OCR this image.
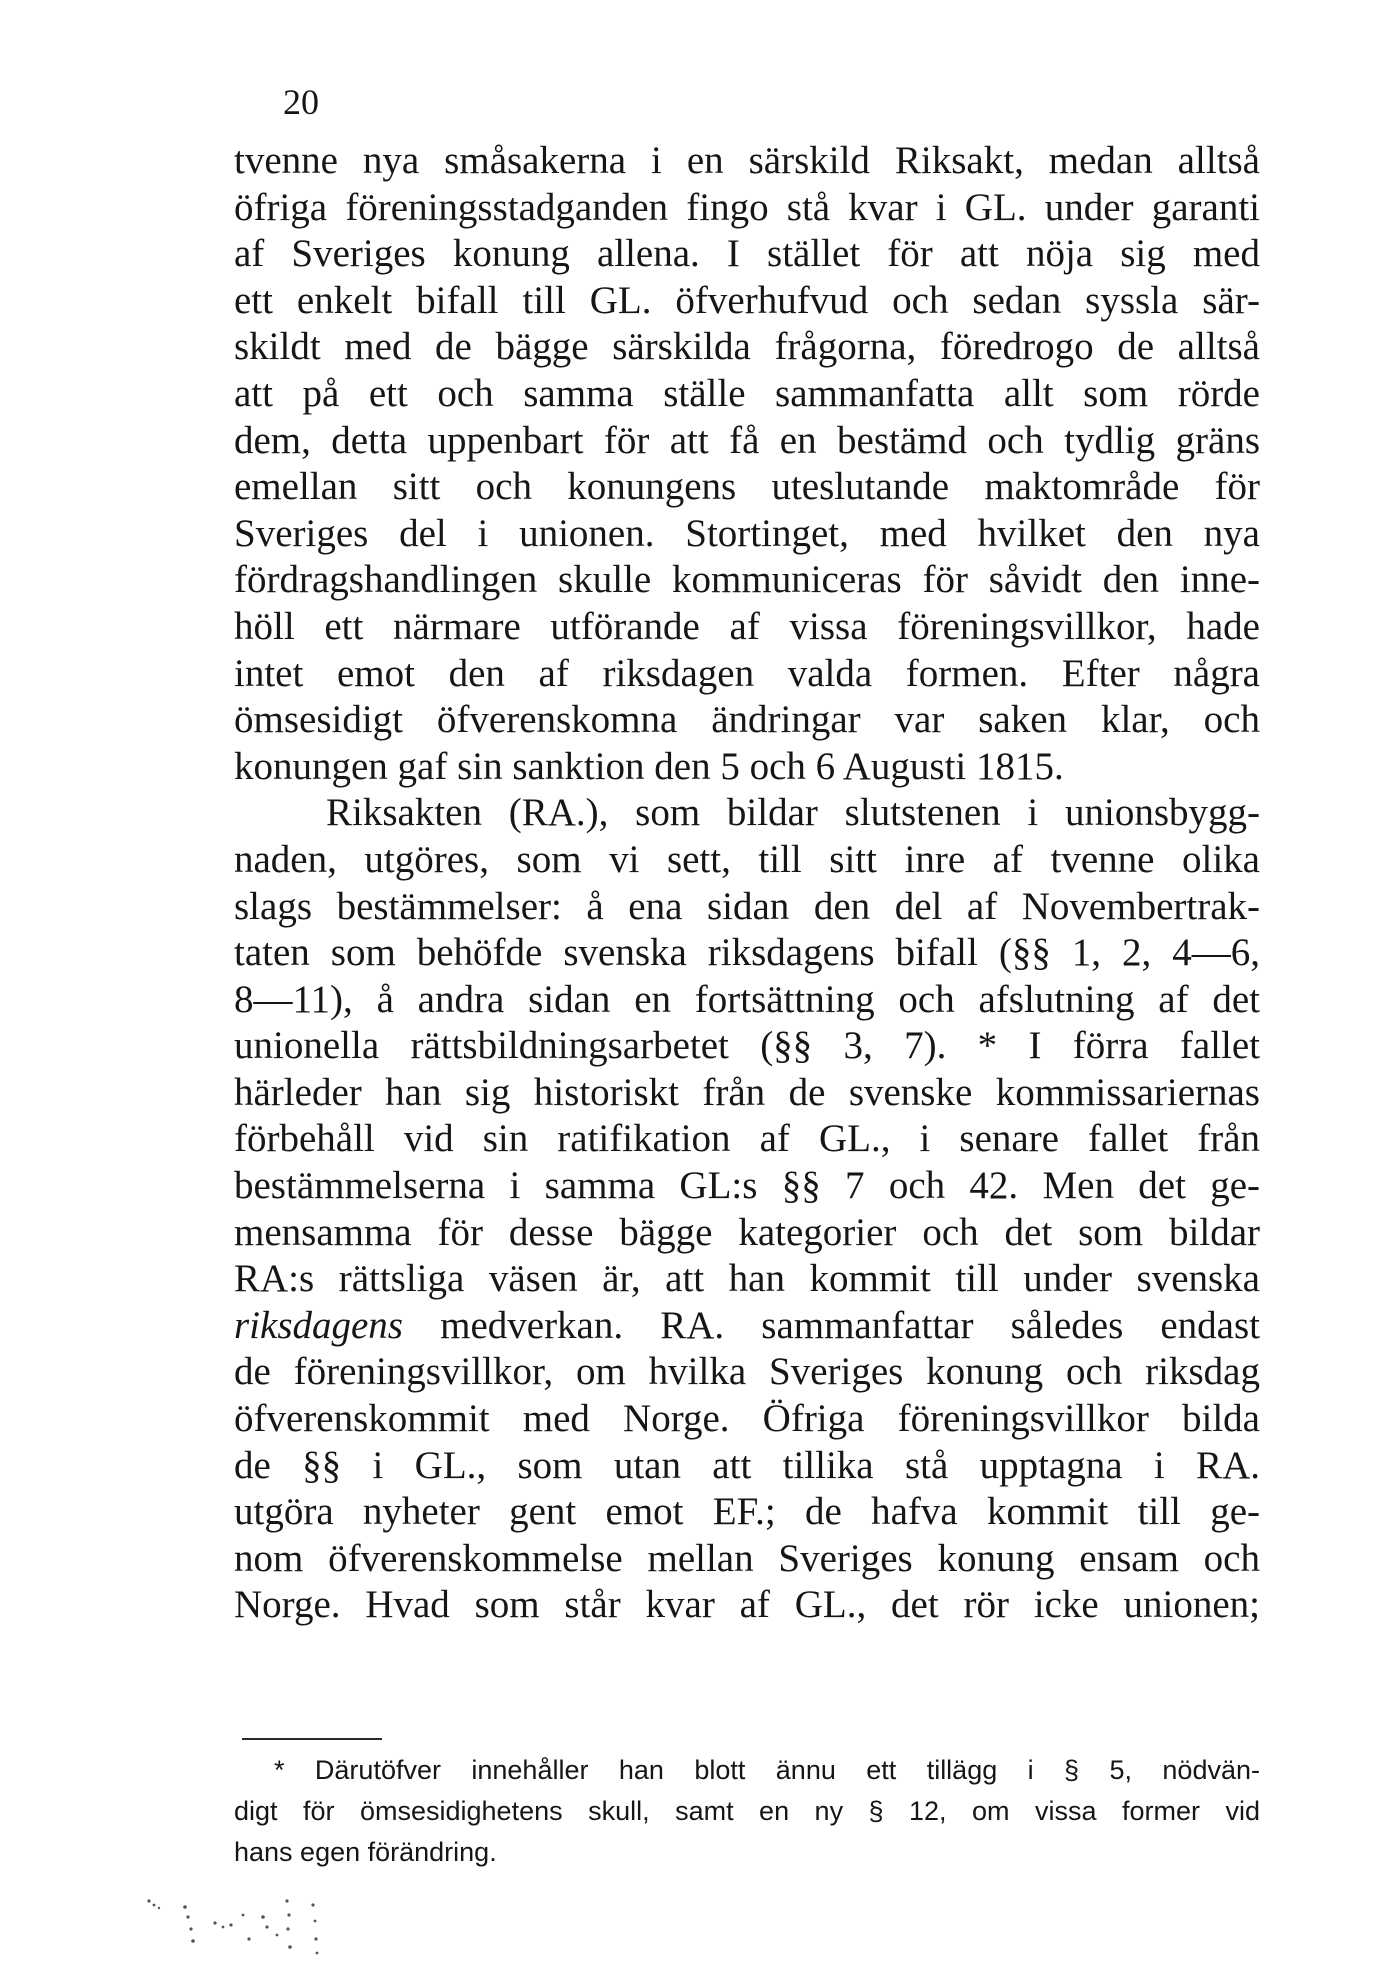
20
tvenne nya småsakerna i en särskild Riksakt, medan alltså
öfriga föreningsstadganden fingo stå kvar i GL. under garanti
af Sveriges konung allena. I stället för att nöja sig med
ett enkelt bifall till GL. öfverhufvud och sedan syssla sär-
skildt med de bägge särskilda frågorna, föredrogo de alltså
att på ett och samma ställe sammanfatta allt som rörde
dem, detta uppenbart för att få en bestämd och tydlig gräns
emellan sitt och konungens uteslutande maktområde för
Sveriges del i unionen. Stortinget, med hvilket den nya
fördragshandlingen skulle kommuniceras för såvidt den inne-
höll ett närmare utförande af vissa föreningsvillkor, hade
intet emot den af riksdagen valda formen. Efter några
ömsesidigt öfverenskomna ändringar var saken klar, och
konungen gaf sin sanktion den 5 och 6 Augusti 1815.
Riksakten (RA.), som bildar slutstenen i unionsbygg-
naden, utgöres, som vi sett, till sitt inre af tvenne olika
slags bestämmelser: å ena sidan den del af Novembertrak-
taten som behöfde svenska riksdagens bifall (§§ 1, 2, 4—6,
8—11), å andra sidan en fortsättning och afslutning af det
unionella rättsbildningsarbetet (§§ 3, 7). * I förra fallet
härleder han sig historiskt från de svenske kommissariernas
förbehåll vid sin ratifikation af GL., i senare fallet från
bestämmelserna i samma GL:s §§ 7 och 42. Men det ge-
mensamma för desse bägge kategorier och det som bildar
RA:s rättsliga väsen är, att han kommit till under svenska
riksdagens medverkan. RA. sammanfattar således endast
de föreningsvillkor, om hvilka Sveriges konung och riksdag
öfverenskommit med Norge. Öfriga föreningsvillkor bilda
de §§ i GL., som utan att tillika stå upptagna i RA.
utgöra nyheter gent emot EF.; de hafva kommit till ge-
nom öfverenskommelse mellan Sveriges konung ensam och
Norge. Hvad som står kvar af GL., det rör icke unionen;
* Därutöfver innehåller han blott ännu ett tillägg i § 5, nödvän-
digt för ömsesidighetens skull, samt en ny § 12, om vissa former vid
hans egen förändring.
